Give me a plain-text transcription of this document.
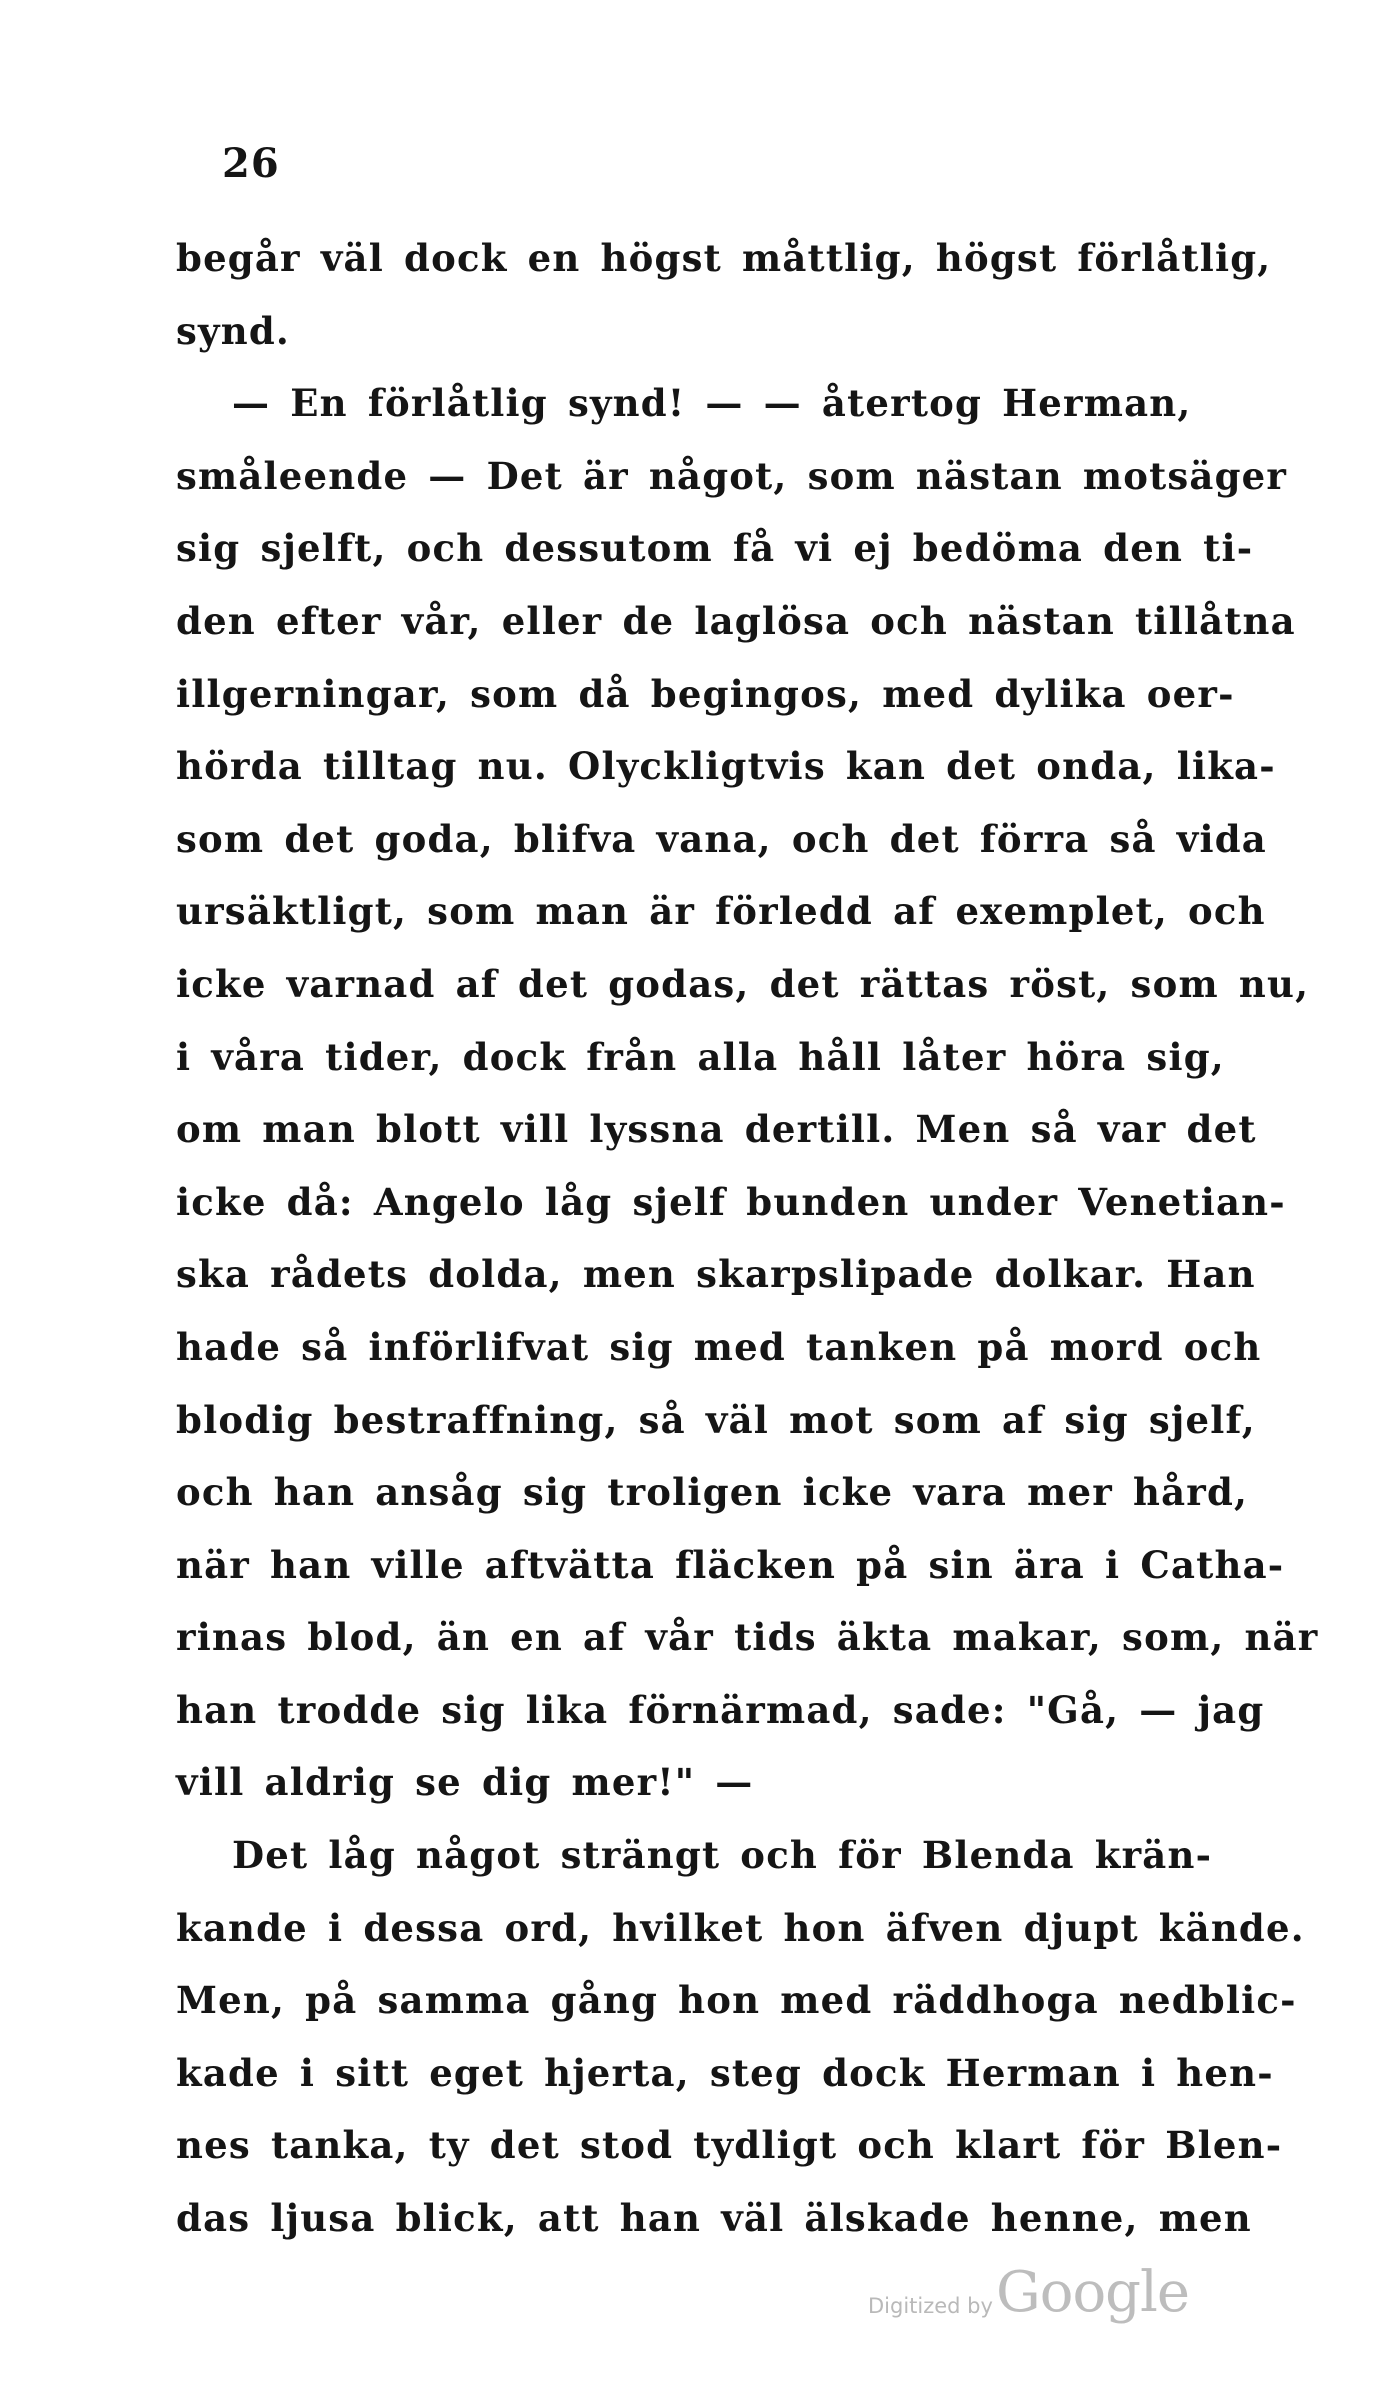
26
begår väl dock en högst måttlig, högst förlåtlig,
synd.
— En förlåtlig synd! — — återtog Herman,
småleende — Det är något, som nästan motsäger
sig sjelft, och dessutom få vi ej bedöma den ti-
den efter vår, eller de laglösa och nästan tillåtna
illgerningar, som då begingos, med dylika oer-
hörda tilltag nu. Olyckligtvis kan det onda, lika-
som det goda, blifva vana, och det förra så vida
ursäktligt, som man är förledd af exemplet, och
icke varnad af det godas, det rättas röst, som nu,
i våra tider, dock från alla håll låter höra sig,
om man blott vill lyssna dertill. Men så var det
icke då: Angelo låg sjelf bunden under Venetian-
ska rådets dolda, men skarpslipade dolkar. Han
hade så införlifvat sig med tanken på mord och
blodig bestraffning, så väl mot som af sig sjelf,
och han ansåg sig troligen icke vara mer hård,
när han ville aftvätta fläcken på sin ära i Catha-
rinas blod, än en af vår tids äkta makar, som, när
han trodde sig lika förnärmad, sade: "Gå, — jag
vill aldrig se dig mer!" —
Det låg något strängt och för Blenda krän-
kande i dessa ord, hvilket hon äfven djupt kände.
Men, på samma gång hon med räddhoga nedblic-
kade i sitt eget hjerta, steg dock Herman i hen-
nes tanka, ty det stod tydligt och klart för Blen-
das ljusa blick, att han väl älskade henne, men
Digitized by Google
